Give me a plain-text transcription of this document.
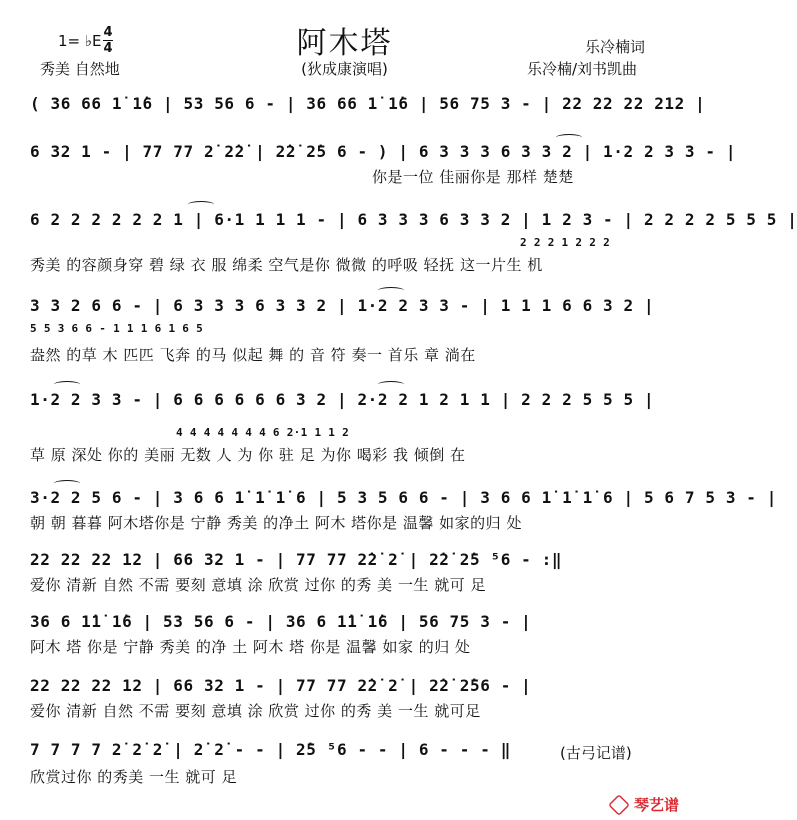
阿木塔
1= ♭E 4
4
秀美 自然地	(狄成康演唱)
乐冷楠词
乐冷楠/刘书凯曲
( 36 66 1̇ 1̇6 | 53 56 6 - | 36 66 1̇ 1̇6 | 56 75 3 - | 22 22 22 212 |
6 32 1 - | 77 77 2̇ 2̇2̇ | 2̇2̇ 2̇5 6 - ) | 6 3 3 3 6 3 3 2 | 1·2 2 3 3 - |
你是一位 佳丽你是 那样 楚楚
6 2 2 2 2 2 2 1 | 6·1 1 1 1 - | 6 3 3 3 6 3 3 2 | 1 2 3 - | 2 2 2 2 5 5 5 |
2 2 2 1 2 2 2
秀美 的容颜身穿 碧 绿 衣 服 绵柔 空气是你 微微 的呼吸 轻抚 这一片生 机
3 3 2 6 6 - | 6 3 3 3 6 3 3 2 | 1·2 2 3 3 - | 1 1 1 6 6 3 2 |
5 5 3 6 6 - 1 1 1 6 1 6 5
盎然 的草 木 匹匹 飞奔 的马 似起 舞 的 音 符 奏一 首乐 章 淌在
1·2 2 3 3 - | 6 6 6 6 6 6 3 2 | 2·2 2 1 2 1 1 | 2 2 2 5 5 5 |
4 4 4 4 4 4 4 6 2·1 1 1 2
草 原 深处 你的 美丽 无数 人 为 你 驻 足 为你 喝彩 我 倾倒 在
3·2 2 5 6 - | 3 6 6 1̇ 1̇ 1̇ 6 | 5 3 5 6 6 - | 3 6 6 1̇ 1̇ 1̇ 6 | 5 6 7 5 3 - |
朝 朝 暮暮 阿木塔你是 宁静 秀美 的净土 阿木 塔你是 温馨 如家的归 处
22 22 22 12 | 66 32 1 - | 77 77 2̇2̇ 2̇ | 2̇2̇ 2̇5 ⁵6 - :‖
爱你 清新 自然 不需 要刻 意填 涂 欣赏 过你 的秀 美 一生 就可 足
36 6 1̇1̇ 1̇6 | 53 56 6 - | 36 6 1̇1̇ 1̇6 | 56 75 3 - |
阿木 塔 你是 宁静 秀美 的净 土 阿木 塔 你是 温馨 如家 的归 处
22 22 22 12 | 66 32 1 - | 77 77 2̇2̇ 2̇ | 2̇2̇ 2̇56 - |
爱你 清新 自然 不需 要刻 意填 涂 欣赏 过你 的秀 美 一生 就可足
7 7 7 7 2̇ 2̇ 2̇ | 2̇ 2̇ - - | 2̇5 ⁵6 - - | 6 - - - ‖
欣赏过你 的秀美 一生 就可 足
(古弓记谱)
琴艺谱
